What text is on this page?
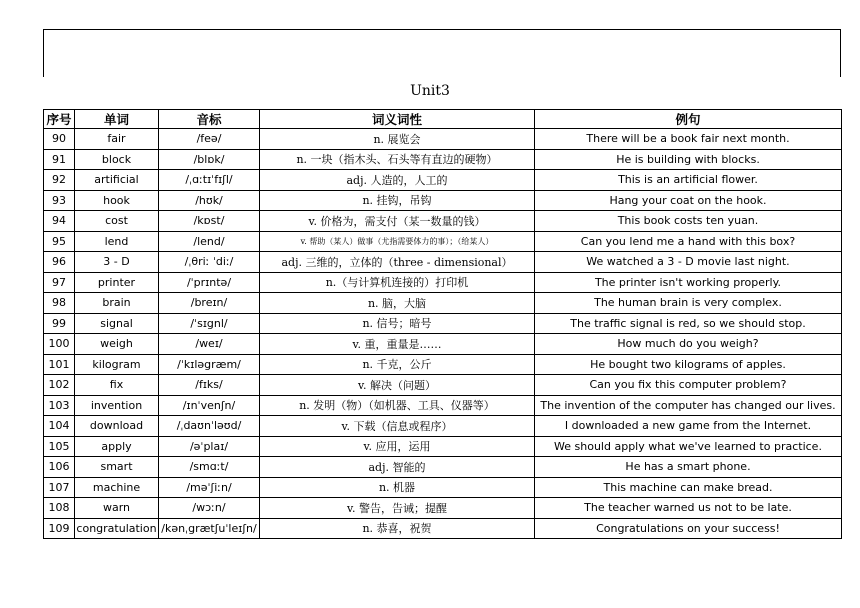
Unit3
序号	单词	音标	词义词性	例句
90	fair	/feə/	n. 展览会	There will be a book fair next month.
91	block	/blɒk/	n. 一块（指木头、石头等有直边的硬物）	He is building with blocks.
92	artificial	/ˌɑːtɪˈfɪʃl/	adj. 人造的，人工的	This is an artificial flower.
93	hook	/hʊk/	n. 挂钩，吊钩	Hang your coat on the hook.
94	cost	/kɒst/	v. 价格为，需支付（某一数量的钱）	This book costs ten yuan.
95	lend	/lend/	v. 帮助（某人）做事（尤指需要体力的事）；（给某人）	Can you lend me a hand with this box?
96	3 - D	/ˌθriː ˈdiː/	adj. 三维的，立体的（three - dimensional）	We watched a 3 - D movie last night.
97	printer	/ˈprɪntə/	n.（与计算机连接的）打印机	The printer isn't working properly.
98	brain	/breɪn/	n. 脑，大脑	The human brain is very complex.
99	signal	/ˈsɪgnl/	n. 信号；暗号	The traffic signal is red, so we should stop.
100	weigh	/weɪ/	v. 重，重量是……	How much do you weigh?
101	kilogram	/ˈkɪləgræm/	n. 千克，公斤	He bought two kilograms of apples.
102	fix	/fɪks/	v. 解决（问题）	Can you fix this computer problem?
103	invention	/ɪnˈvenʃn/	n. 发明（物）（如机器、工具、仪器等）	The invention of the computer has changed our lives.
104	download	/ˌdaʊnˈləʊd/	v. 下载（信息或程序）	I downloaded a new game from the Internet.
105	apply	/əˈplaɪ/	v. 应用，运用	We should apply what we've learned to practice.
106	smart	/smɑːt/	adj. 智能的	He has a smart phone.
107	machine	/məˈʃiːn/	n. 机器	This machine can make bread.
108	warn	/wɔːn/	v. 警告，告诫；提醒	The teacher warned us not to be late.
109	congratulation	/kənˌgrætʃuˈleɪʃn/	n. 恭喜，祝贺	Congratulations on your success!
